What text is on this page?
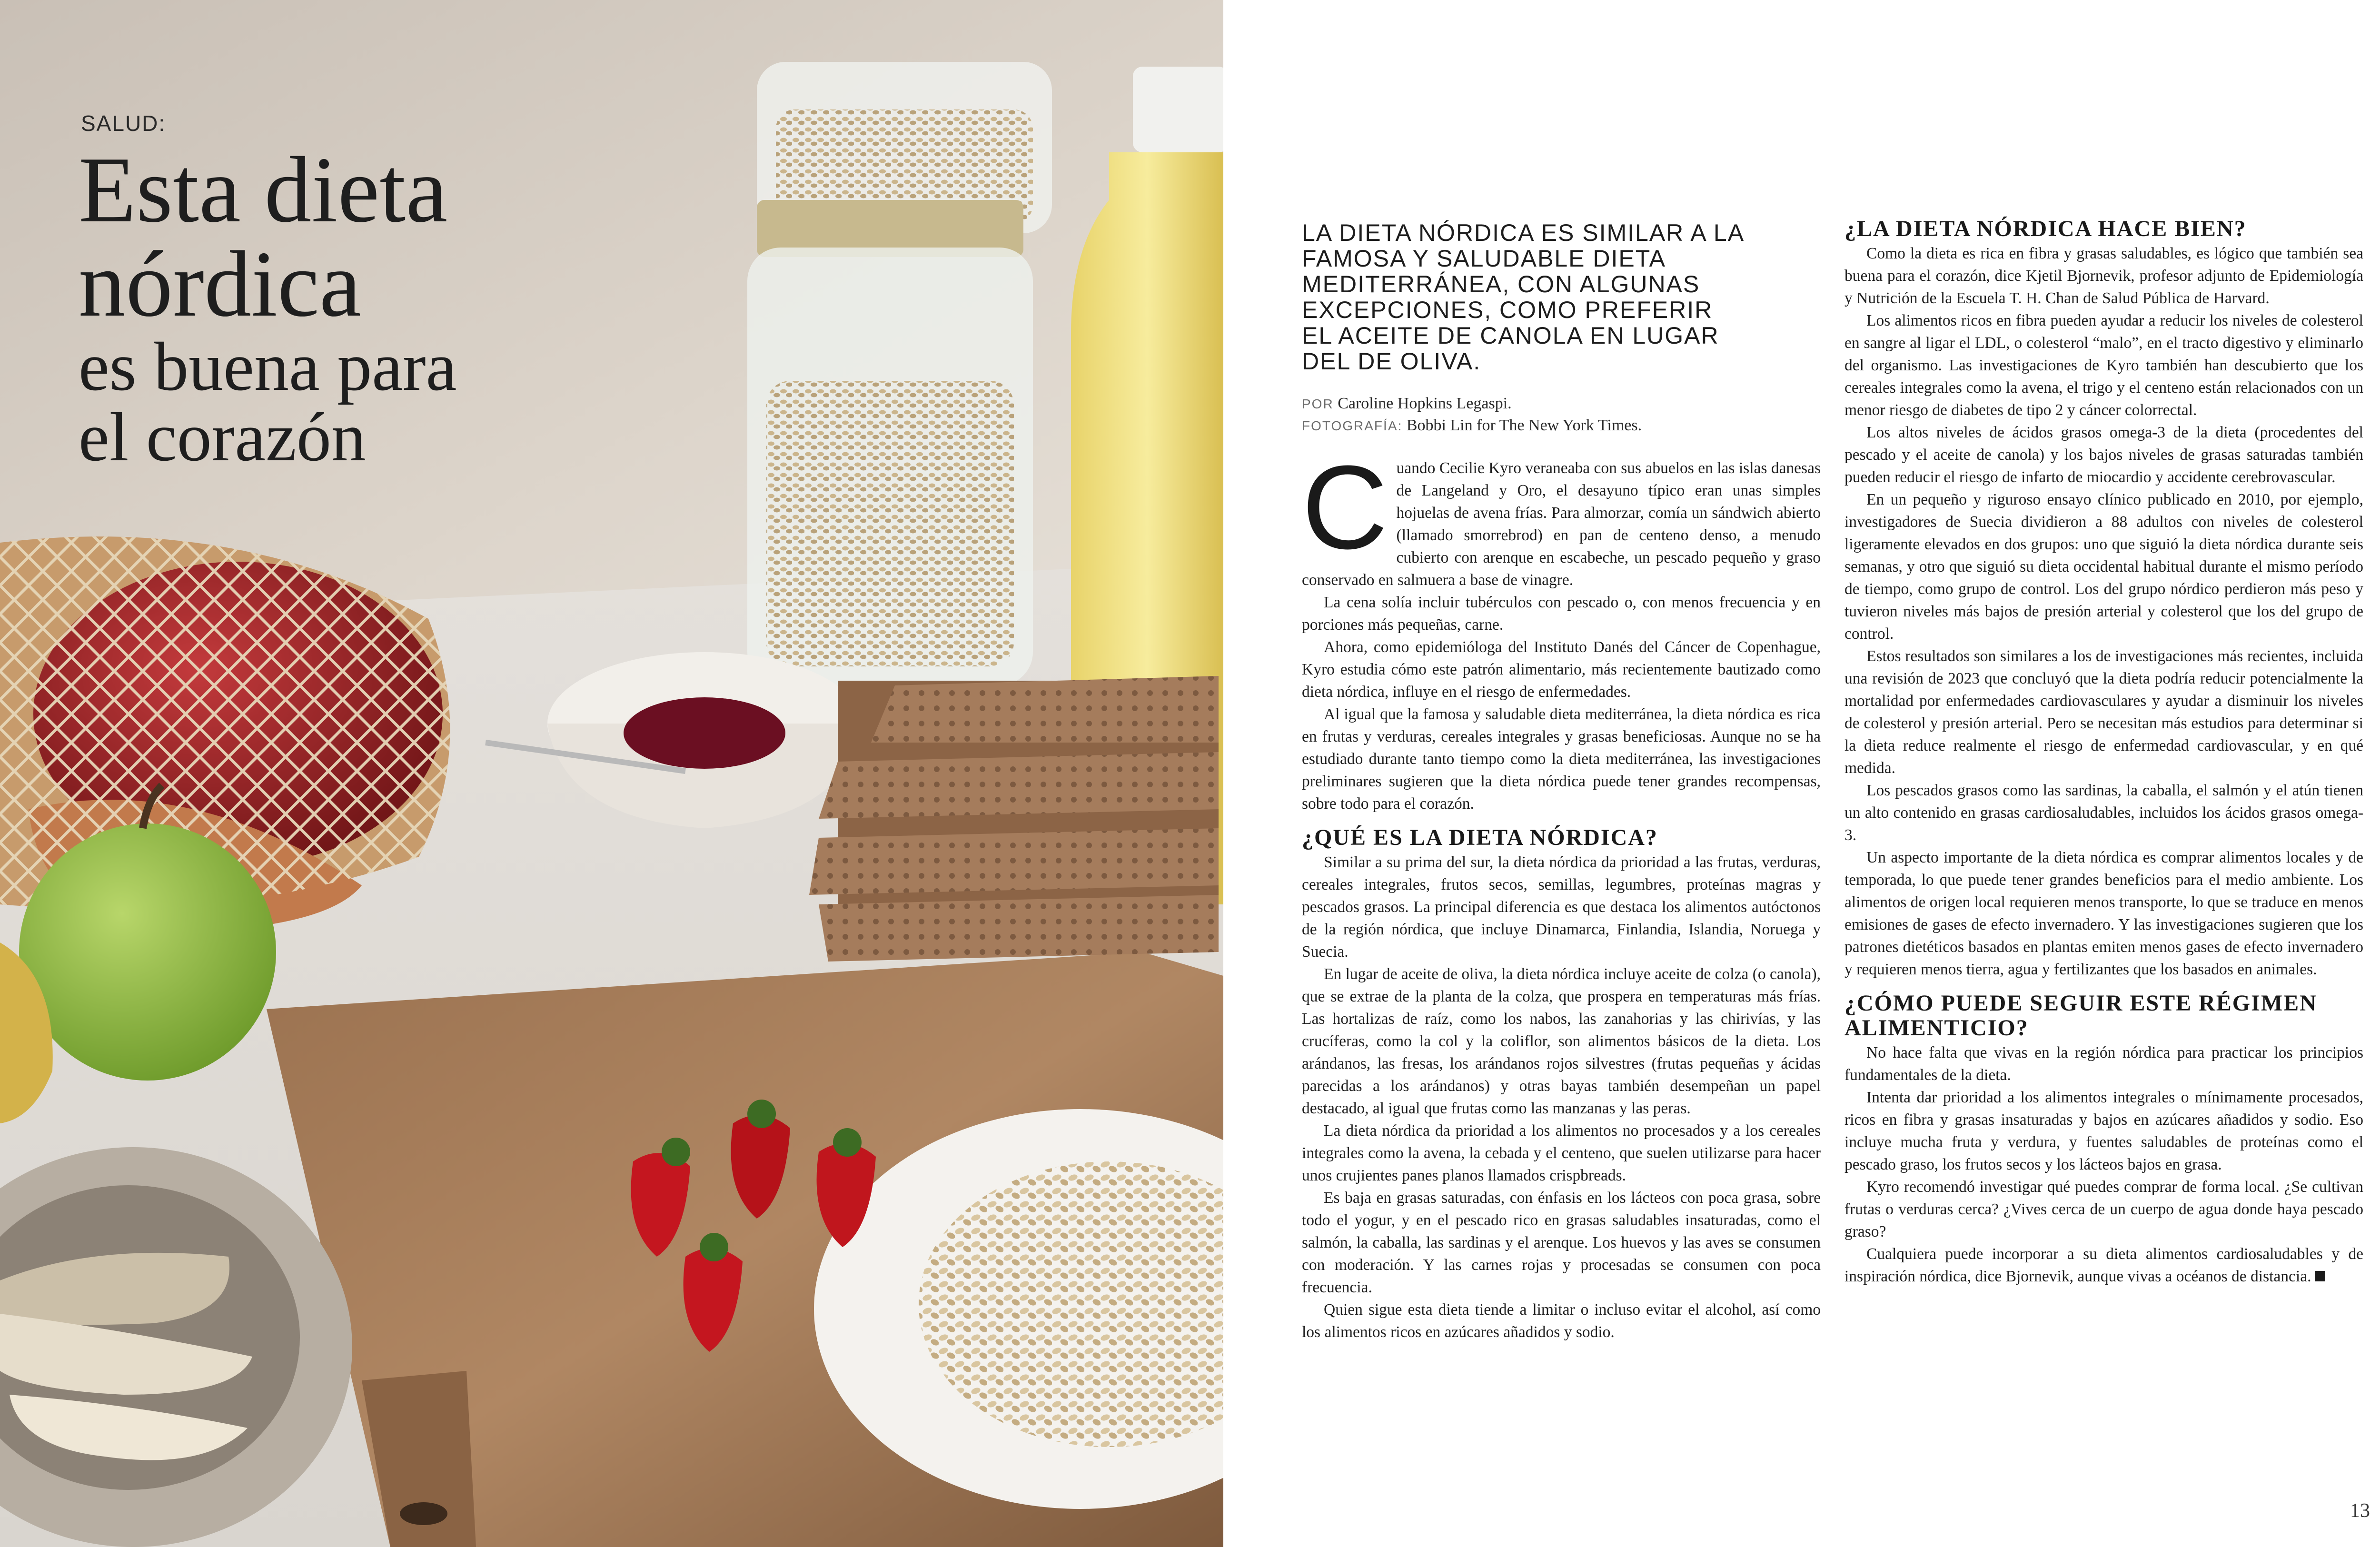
SALUD:
Esta dieta
nórdica
es buena para
el corazón
LA DIETA NÓRDICA ES SIMILAR A LA FAMOSA Y SALUDABLE DIETA MEDITERRÁNEA, CON ALGUNAS EXCEPCIONES, COMO PREFERIR EL ACEITE DE CANOLA EN LUGAR DEL DE OLIVA.
POR Caroline Hopkins Legaspi.
FOTOGRAFÍA: Bobbi Lin for The New York Times.

Cuando Cecilie Kyro veraneaba con sus abuelos en las islas danesas de Langeland y Oro, el desayuno típico eran unas simples hojuelas de avena frías. Para almorzar, comía un sándwich abierto (llamado smorrebrod) en pan de centeno denso, a menudo cubierto con arenque en escabeche, un pescado pequeño y graso conservado en salmuera a base de vinagre.

La cena solía incluir tubérculos con pescado o, con menos frecuencia y en porciones más pequeñas, carne.

Ahora, como epidemióloga del Instituto Danés del Cáncer de Copenhague, Kyro estudia cómo este patrón alimentario, más recientemente bautizado como dieta nórdica, influye en el riesgo de enfermedades.

Al igual que la famosa y saludable dieta mediterránea, la dieta nórdica es rica en frutas y verduras, cereales integrales y grasas beneficiosas. Aunque no se ha estudiado durante tanto tiempo como la dieta mediterránea, las investigaciones preliminares sugieren que la dieta nórdica puede tener grandes recompensas, sobre todo para el corazón.

¿QUÉ ES LA DIETA NÓRDICA?

Similar a su prima del sur, la dieta nórdica da prioridad a las frutas, verduras, cereales integrales, frutos secos, semillas, legumbres, proteínas magras y pescados grasos. La principal diferencia es que destaca los alimentos autóctonos de la región nórdica, que incluye Dinamarca, Finlandia, Islandia, Noruega y Suecia.

En lugar de aceite de oliva, la dieta nórdica incluye aceite de colza (o canola), que se extrae de la planta de la colza, que prospera en temperaturas más frías. Las hortalizas de raíz, como los nabos, las zanahorias y las chirivías, y las crucíferas, como la col y la coliflor, son alimentos básicos de la dieta. Los arándanos, las fresas, los arándanos rojos silvestres (frutas pequeñas y ácidas parecidas a los arándanos) y otras bayas también desempeñan un papel destacado, al igual que frutas como las manzanas y las peras.

La dieta nórdica da prioridad a los alimentos no procesados y a los cereales integrales como la avena, la cebada y el centeno, que suelen utilizarse para hacer unos crujientes panes planos llamados crispbreads.

Es baja en grasas saturadas, con énfasis en los lácteos con poca grasa, sobre todo el yogur, y en el pescado rico en grasas saludables insaturadas, como el salmón, la caballa, las sardinas y el arenque. Los huevos y las aves se consumen con moderación. Y las carnes rojas y procesadas se consumen con poca frecuencia.

Quien sigue esta dieta tiende a limitar o incluso evitar el alcohol, así como los alimentos ricos en azúcares añadidos y sodio.

¿LA DIETA NÓRDICA HACE BIEN?

Como la dieta es rica en fibra y grasas saludables, es lógico que también sea buena para el corazón, dice Kjetil Bjornevik, profesor adjunto de Epidemiología y Nutrición de la Escuela T. H. Chan de Salud Pública de Harvard.

Los alimentos ricos en fibra pueden ayudar a reducir los niveles de colesterol en sangre al ligar el LDL, o colesterol “malo”, en el tracto digestivo y eliminarlo del organismo. Las investigaciones de Kyro también han descubierto que los cereales integrales como la avena, el trigo y el centeno están relacionados con un menor riesgo de diabetes de tipo 2 y cáncer colorrectal.

Los altos niveles de ácidos grasos omega-3 de la dieta (procedentes del pescado y el aceite de canola) y los bajos niveles de grasas saturadas también pueden reducir el riesgo de infarto de miocardio y accidente cerebrovascular.

En un pequeño y riguroso ensayo clínico publicado en 2010, por ejemplo, investigadores de Suecia dividieron a 88 adultos con niveles de colesterol ligeramente elevados en dos grupos: uno que siguió la dieta nórdica durante seis semanas, y otro que siguió su dieta occidental habitual durante el mismo período de tiempo, como grupo de control. Los del grupo nórdico perdieron más peso y tuvieron niveles más bajos de presión arterial y colesterol que los del grupo de control.

Estos resultados son similares a los de investigaciones más recientes, incluida una revisión de 2023 que concluyó que la dieta podría reducir potencialmente la mortalidad por enfermedades cardiovasculares y ayudar a disminuir los niveles de colesterol y presión arterial. Pero se necesitan más estudios para determinar si la dieta reduce realmente el riesgo de enfermedad cardiovascular, y en qué medida.

Los pescados grasos como las sardinas, la caballa, el salmón y el atún tienen un alto contenido en grasas cardiosaludables, incluidos los ácidos grasos omega-3.

Un aspecto importante de la dieta nórdica es comprar alimentos locales y de temporada, lo que puede tener grandes beneficios para el medio ambiente. Los alimentos de origen local requieren menos transporte, lo que se traduce en menos emisiones de gases de efecto invernadero. Y las investigaciones sugieren que los patrones dietéticos basados en plantas emiten menos gases de efecto invernadero y requieren menos tierra, agua y fertilizantes que los basados en animales.

¿CÓMO PUEDE SEGUIR ESTE RÉGIMEN ALIMENTICIO?

No hace falta que vivas en la región nórdica para practicar los principios fundamentales de la dieta.

Intenta dar prioridad a los alimentos integrales o mínimamente procesados, ricos en fibra y grasas insaturadas y bajos en azúcares añadidos y sodio. Eso incluye mucha fruta y verdura, y fuentes saludables de proteínas como el pescado graso, los frutos secos y los lácteos bajos en grasa.

Kyro recomendó investigar qué puedes comprar de forma local. ¿Se cultivan frutas o verduras cerca? ¿Vives cerca de un cuerpo de agua donde haya pescado graso?

Cualquiera puede incorporar a su dieta alimentos cardiosaludables y de inspiración nórdica, dice Bjornevik, aunque vivas a océanos de distancia.

13
